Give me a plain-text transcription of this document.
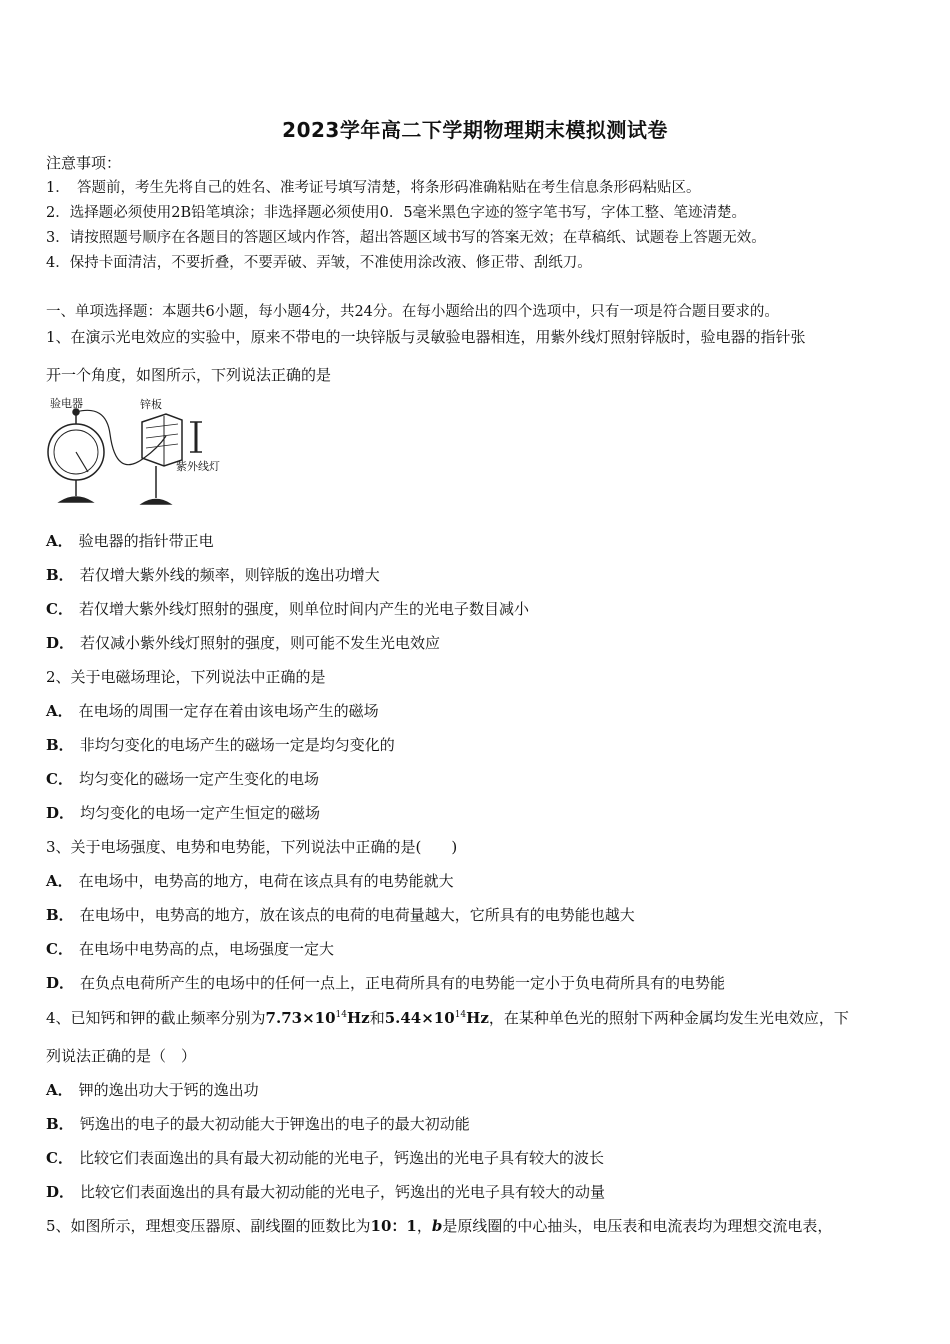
2023学年高二下学期物理期末模拟测试卷
注意事项：
1．　答题前，考生先将自己的姓名、准考证号填写清楚，将条形码准确粘贴在考生信息条形码粘贴区。
2．选择题必须使用2B铅笔填涂；非选择题必须使用0．5毫米黑色字迹的签字笔书写，字体工整、笔迹清楚。
3．请按照题号顺序在各题目的答题区域内作答，超出答题区域书写的答案无效；在草稿纸、试题卷上答题无效。
4．保持卡面清洁，不要折叠，不要弄破、弄皱，不准使用涂改液、修正带、刮纸刀。
一、单项选择题：本题共6小题，每小题4分，共24分。在每小题给出的四个选项中，只有一项是符合题目要求的。
1、在演示光电效应的实验中，原来不带电的一块锌版与灵敏验电器相连，用紫外线灯照射锌版时，验电器的指针张
开一个角度，如图所示，下列说法正确的是
验电器	锌板
紫外线灯
A． 验电器的指针带正电
B． 若仅增大紫外线的频率，则锌版的逸出功增大
C． 若仅增大紫外线灯照射的强度，则单位时间内产生的光电子数目减小
D． 若仅减小紫外线灯照射的强度，则可能不发生光电效应
2、关于电磁场理论，下列说法中正确的是
A． 在电场的周围一定存在着由该电场产生的磁场
B． 非均匀变化的电场产生的磁场一定是均匀变化的
C． 均匀变化的磁场一定产生变化的电场
D． 均匀变化的电场一定产生恒定的磁场
3、关于电场强度、电势和电势能，下列说法中正确的是(　　)
A． 在电场中，电势高的地方，电荷在该点具有的电势能就大
B． 在电场中，电势高的地方，放在该点的电荷的电荷量越大，它所具有的电势能也越大
C． 在电场中电势高的点，电场强度一定大
D． 在负点电荷所产生的电场中的任何一点上，正电荷所具有的电势能一定小于负电荷所具有的电势能
4、已知钙和钾的截止频率分别为$7.73\times 10^{14}Hz$和$5.44\times 10^{14}Hz$，在某种单色光的照射下两种金属均发生光电效应，下
列说法正确的是（　）
A． 钾的逸出功大于钙的逸出功
B． 钙逸出的电子的最大初动能大于钾逸出的电子的最大初动能
C． 比较它们表面逸出的具有最大初动能的光电子，钙逸出的光电子具有较大的波长
D． 比较它们表面逸出的具有最大初动能的光电子，钙逸出的光电子具有较大的动量
5、如图所示，理想变压器原、副线圈的匝数比为10：1，b是原线圈的中心抽头，电压表和电流表均为理想交流电表，
